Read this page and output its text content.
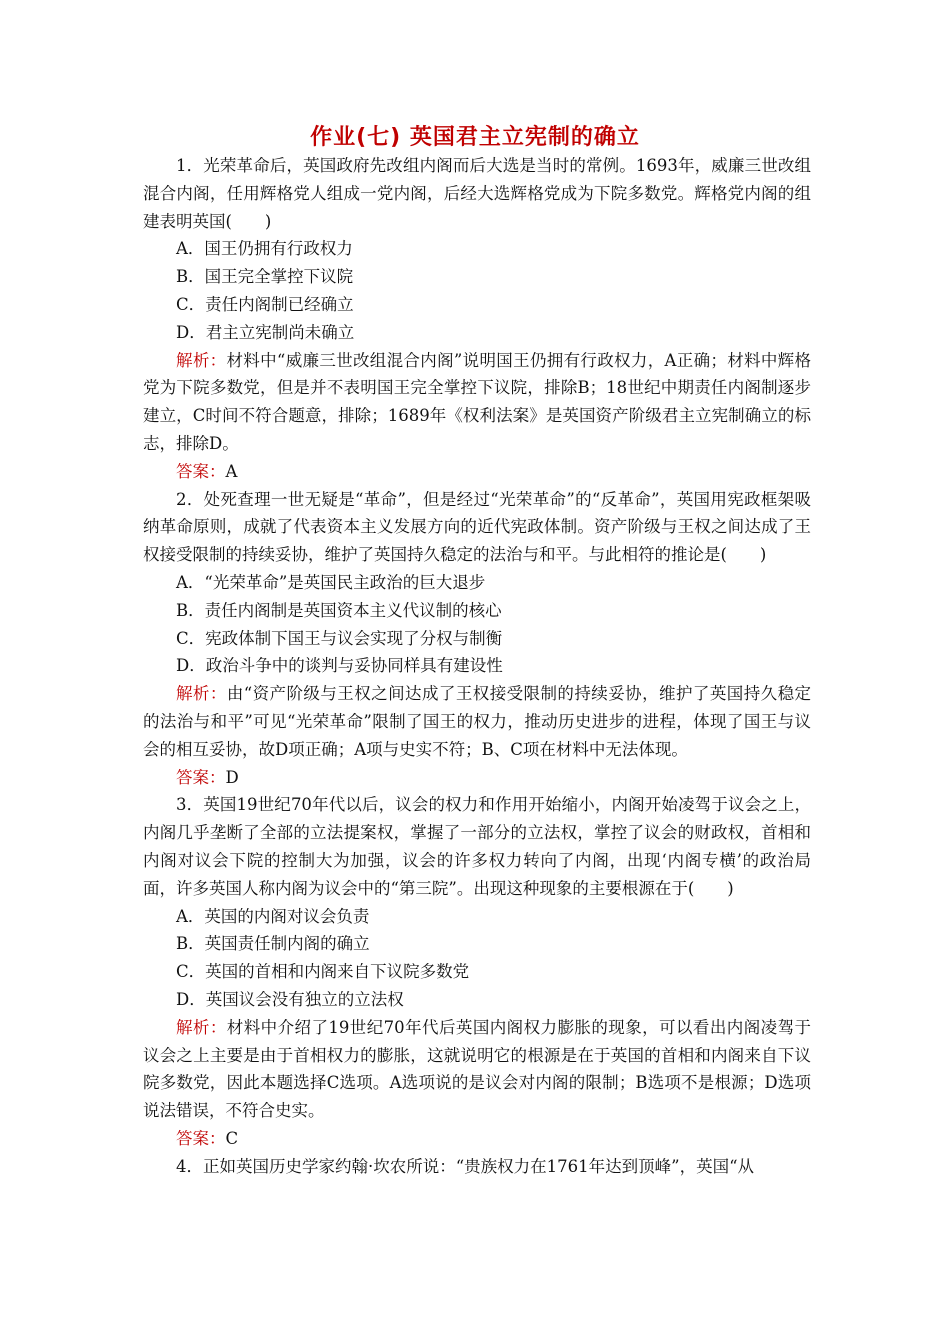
作业(七) 英国君主立宪制的确立

1．光荣革命后，英国政府先改组内阁而后大选是当时的常例。1693年，威廉三世改组混合内阁，任用辉格党人组成一党内阁，后经大选辉格党成为下院多数党。辉格党内阁的组建表明英国(　　)

A．国王仍拥有行政权力

B．国王完全掌控下议院

C．责任内阁制已经确立

D．君主立宪制尚未确立

解析：材料中“威廉三世改组混合内阁”说明国王仍拥有行政权力，A正确；材料中辉格党为下院多数党，但是并不表明国王完全掌控下议院，排除B；18世纪中期责任内阁制逐步建立，C时间不符合题意，排除；1689年《权利法案》是英国资产阶级君主立宪制确立的标志，排除D。

答案：A

2．处死查理一世无疑是“革命”，但是经过“光荣革命”的“反革命”，英国用宪政框架吸纳革命原则，成就了代表资本主义发展方向的近代宪政体制。资产阶级与王权之间达成了王权接受限制的持续妥协，维护了英国持久稳定的法治与和平。与此相符的推论是(　　)

A．“光荣革命”是英国民主政治的巨大退步

B．责任内阁制是英国资本主义代议制的核心

C．宪政体制下国王与议会实现了分权与制衡

D．政治斗争中的谈判与妥协同样具有建设性

解析：由“资产阶级与王权之间达成了王权接受限制的持续妥协，维护了英国持久稳定的法治与和平”可见“光荣革命”限制了国王的权力，推动历史进步的进程，体现了国王与议会的相互妥协，故D项正确；A项与史实不符；B、C项在材料中无法体现。

答案：D

3．英国19世纪70年代以后，议会的权力和作用开始缩小，内阁开始凌驾于议会之上，内阁几乎垄断了全部的立法提案权，掌握了一部分的立法权，掌控了议会的财政权，首相和内阁对议会下院的控制大为加强，议会的许多权力转向了内阁，出现‘内阁专横’的政治局面，许多英国人称内阁为议会中的“第三院”。出现这种现象的主要根源在于(　　)

A．英国的内阁对议会负责

B．英国责任制内阁的确立

C．英国的首相和内阁来自下议院多数党

D．英国议会没有独立的立法权

解析：材料中介绍了19世纪70年代后英国内阁权力膨胀的现象，可以看出内阁凌驾于议会之上主要是由于首相权力的膨胀，这就说明它的根源是在于英国的首相和内阁来自下议院多数党，因此本题选择C选项。A选项说的是议会对内阁的限制；B选项不是根源；D选项说法错误，不符合史实。

答案：C

4．正如英国历史学家约翰·坎农所说：“贵族权力在1761年达到顶峰”，英国“从
